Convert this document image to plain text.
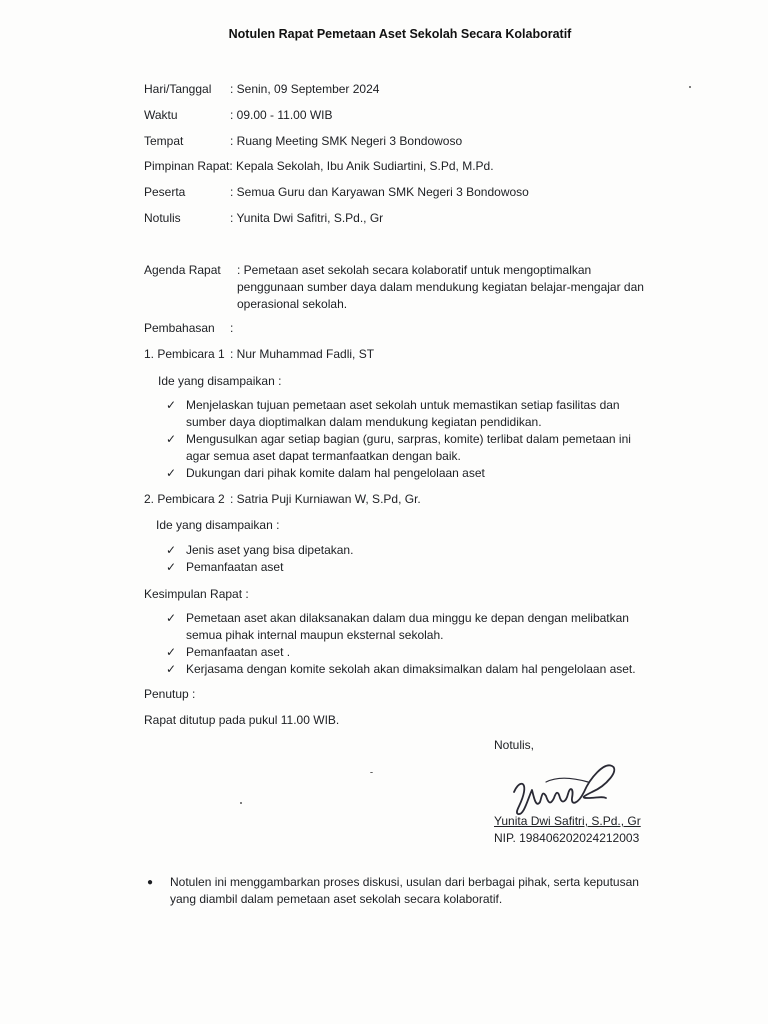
Notulen Rapat Pemetaan Aset Sekolah Secara Kolaboratif
Hari/Tanggal : Senin, 09 September 2024
Waktu	: 09.00 - 11.00 WIB
Tempat	: Ruang Meeting SMK Negeri 3 Bondowoso
Pimpinan Rapat: Kepala Sekolah, Ibu Anik Sudiartini, S.Pd, M.Pd.
Peserta	: Semua Guru dan Karyawan SMK Negeri 3 Bondowoso
Notulis	: Yunita Dwi Safitri, S.Pd., Gr
Agenda Rapat	: Pemetaan aset sekolah secara kolaboratif untuk mengoptimalkan
penggunaan sumber daya dalam mendukung kegiatan belajar-mengajar dan
operasional sekolah.
Pembahasan :
1. Pembicara 1 : Nur Muhammad Fadli, ST
Ide yang disampaikan :
✓ Menjelaskan tujuan pemetaan aset sekolah untuk memastikan setiap fasilitas dan
sumber daya dioptimalkan dalam mendukung kegiatan pendidikan.
✓ Mengusulkan agar setiap bagian (guru, sarpras, komite) terlibat dalam pemetaan ini
agar semua aset dapat termanfaatkan dengan baik.
✓ Dukungan dari pihak komite dalam hal pengelolaan aset
2. Pembicara 2 : Satria Puji Kurniawan W, S.Pd, Gr.
Ide yang disampaikan :
✓ Jenis aset yang bisa dipetakan.
✓ Pemanfaatan aset
Kesimpulan Rapat :
✓ Pemetaan aset akan dilaksanakan dalam dua minggu ke depan dengan melibatkan
semua pihak internal maupun eksternal sekolah.
✓ Pemanfaatan aset .
✓ Kerjasama dengan komite sekolah akan dimaksimalkan dalam hal pengelolaan aset.
Penutup :
Rapat ditutup pada pukul 11.00 WIB.
Notulis,
Yunita Dwi Safitri, S.Pd., Gr
NIP. 198406202024212003
● Notulen ini menggambarkan proses diskusi, usulan dari berbagai pihak, serta keputusan
yang diambil dalam pemetaan aset sekolah secara kolaboratif.
